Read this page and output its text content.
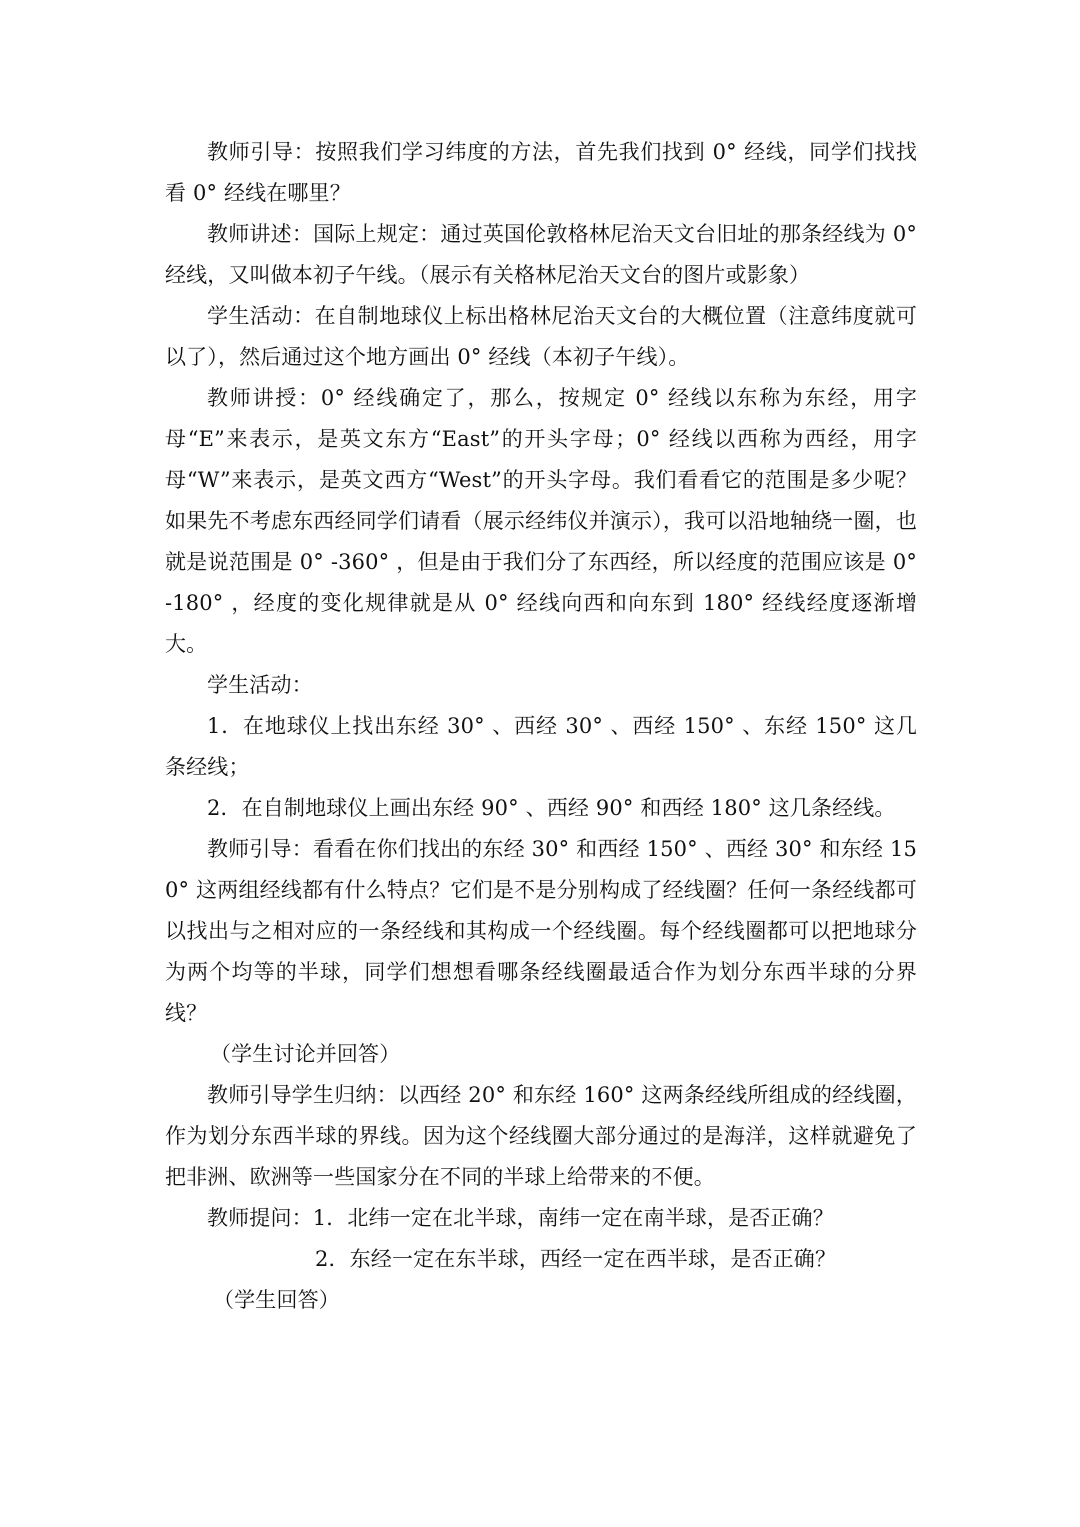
教师引导：按照我们学习纬度的方法，首先我们找到 0° 经线，同学们找找看 0° 经线在哪里？

教师讲述：国际上规定：通过英国伦敦格林尼治天文台旧址的那条经线为 0° 经线，又叫做本初子午线。（展示有关格林尼治天文台的图片或影象）

学生活动：在自制地球仪上标出格林尼治天文台的大概位置（注意纬度就可以了），然后通过这个地方画出 0° 经线（本初子午线）。

教师讲授：0° 经线确定了，那么，按规定 0° 经线以东称为东经，用字母“E”来表示，是英文东方“East”的开头字母；0° 经线以西称为西经，用字母“W”来表示，是英文西方“West”的开头字母。我们看看它的范围是多少呢？如果先不考虑东西经同学们请看（展示经纬仪并演示），我可以沿地轴绕一圈，也就是说范围是 0° -360° ，但是由于我们分了东西经，所以经度的范围应该是 0° -180° ，经度的变化规律就是从 0° 经线向西和向东到 180° 经线经度逐渐增大。

学生活动：

1．在地球仪上找出东经 30° 、西经 30° 、西经 150° 、东经 150° 这几条经线；

2．在自制地球仪上画出东经 90° 、西经 90° 和西经 180° 这几条经线。

教师引导：看看在你们找出的东经 30° 和西经 150° 、西经 30° 和东经 150° 这两组经线都有什么特点？它们是不是分别构成了经线圈？任何一条经线都可以找出与之相对应的一条经线和其构成一个经线圈。每个经线圈都可以把地球分为两个均等的半球，同学们想想看哪条经线圈最适合作为划分东西半球的分界线？

（学生讨论并回答）

教师引导学生归纳：以西经 20° 和东经 160° 这两条经线所组成的经线圈，作为划分东西半球的界线。因为这个经线圈大部分通过的是海洋，这样就避免了把非洲、欧洲等一些国家分在不同的半球上给带来的不便。

教师提问：1．北纬一定在北半球，南纬一定在南半球，是否正确？

2．东经一定在东半球，西经一定在西半球，是否正确？

（学生回答）
